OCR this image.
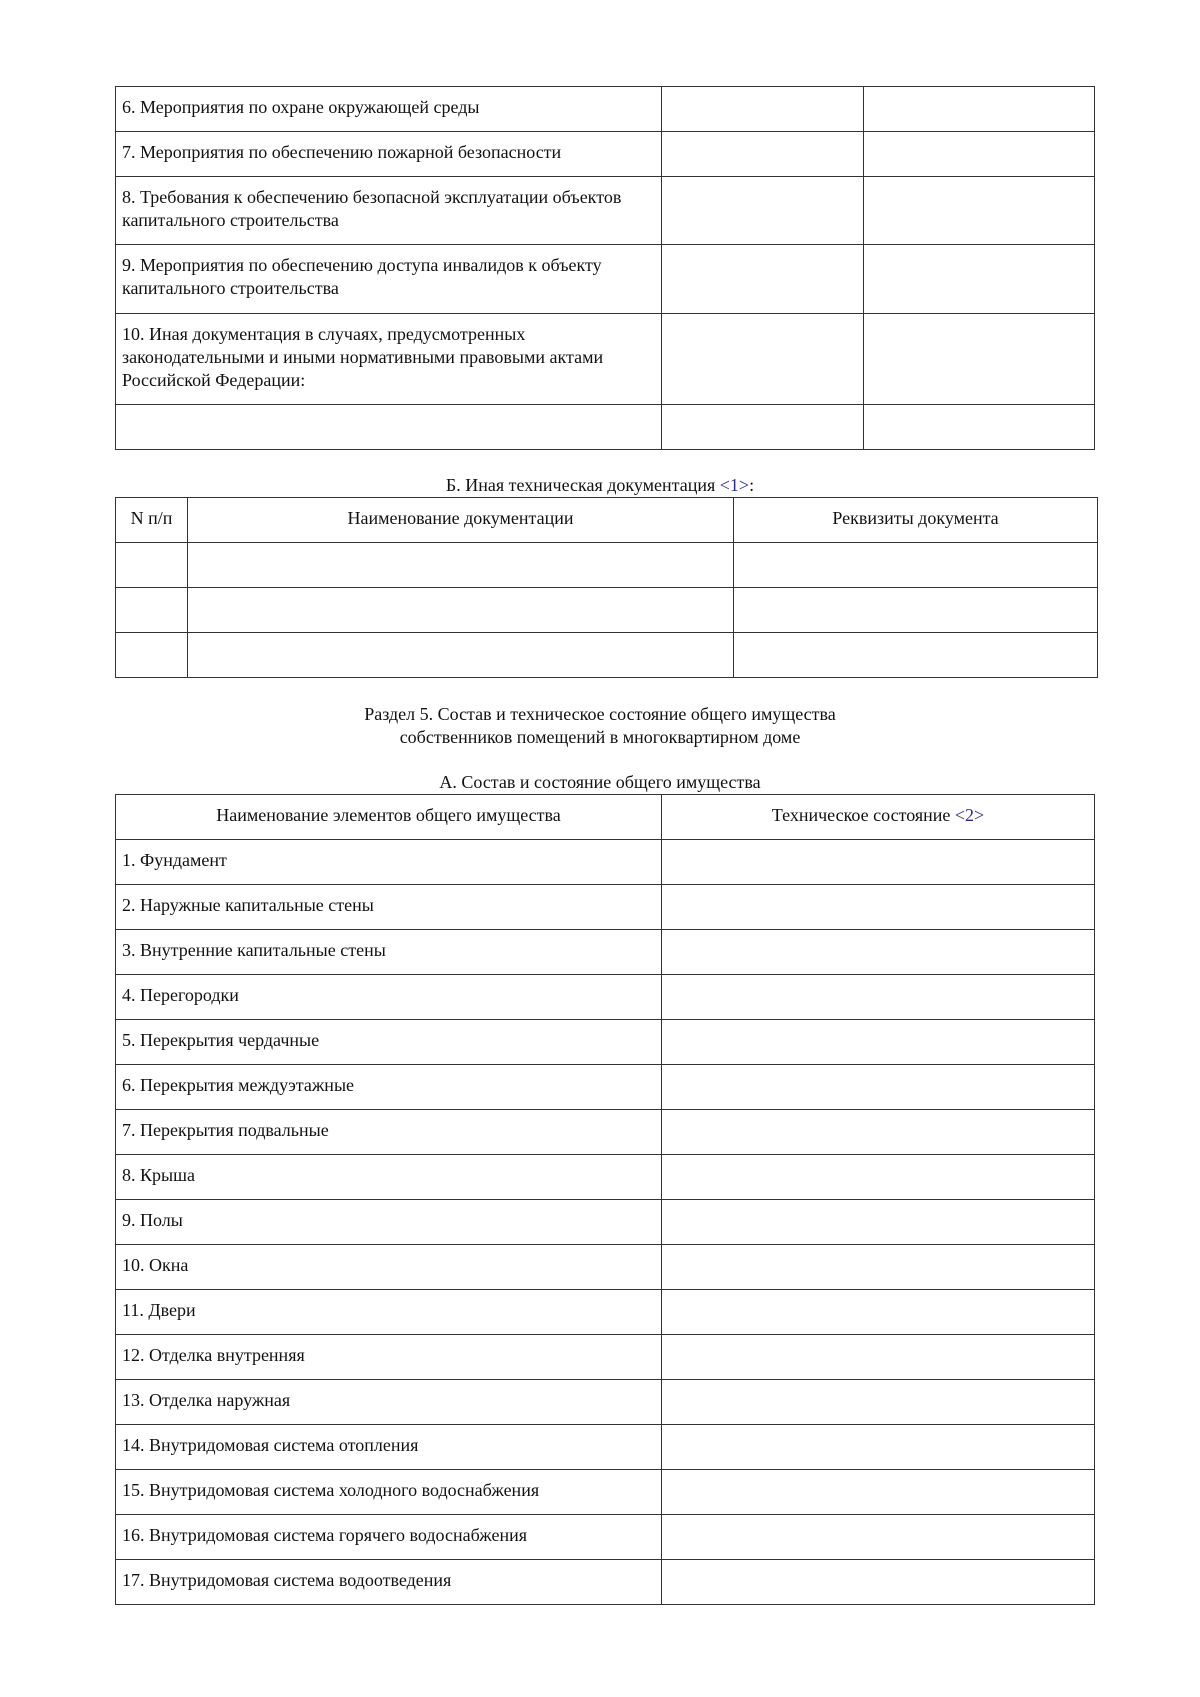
6. Мероприятия по охране окружающей среды		

7. Мероприятия по обеспечению пожарной безопасности		

8. Требования к обеспечению безопасной эксплуатации объектов капитального строительства		

9. Мероприятия по обеспечению доступа инвалидов к объекту капитального строительства		

10. Иная документация в случаях, предусмотренных законодательными и иными нормативными правовыми актами Российской Федерации:		

Б. Иная техническая документация <1>:
N п/п	Наименование документации	Реквизиты документа

Раздел 5. Состав и техническое состояние общего имущества
собственников помещений в многоквартирном доме
А. Состав и состояние общего имущества
Наименование элементов общего имущества	Техническое состояние <2>

1. Фундамент	

2. Наружные капитальные стены	

3. Внутренние капитальные стены	

4. Перегородки	

5. Перекрытия чердачные	

6. Перекрытия междуэтажные	

7. Перекрытия подвальные	

8. Крыша	

9. Полы	

10. Окна	

11. Двери	

12. Отделка внутренняя	

13. Отделка наружная	

14. Внутридомовая система отопления	

15. Внутридомовая система холодного водоснабжения	

16. Внутридомовая система горячего водоснабжения	

17. Внутридомовая система водоотведения	
